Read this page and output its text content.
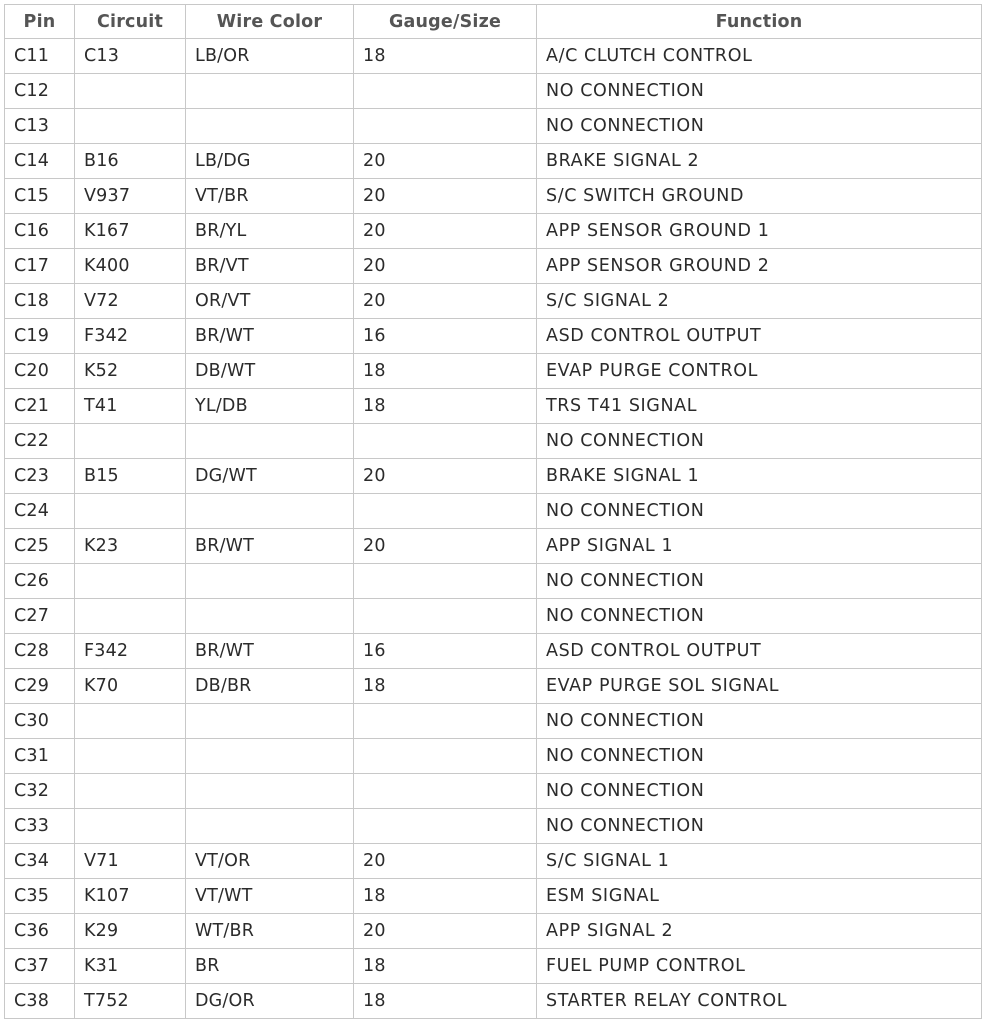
Pin	Circuit	Wire Color	Gauge/Size	Function
C11	C13	LB/OR	18	A/C CLUTCH CONTROL
C12				NO CONNECTION
C13				NO CONNECTION
C14	B16	LB/DG	20	BRAKE SIGNAL 2
C15	V937	VT/BR	20	S/C SWITCH GROUND
C16	K167	BR/YL	20	APP SENSOR GROUND 1
C17	K400	BR/VT	20	APP SENSOR GROUND 2
C18	V72	OR/VT	20	S/C SIGNAL 2
C19	F342	BR/WT	16	ASD CONTROL OUTPUT
C20	K52	DB/WT	18	EVAP PURGE CONTROL
C21	T41	YL/DB	18	TRS T41 SIGNAL
C22				NO CONNECTION
C23	B15	DG/WT	20	BRAKE SIGNAL 1
C24				NO CONNECTION
C25	K23	BR/WT	20	APP SIGNAL 1
C26				NO CONNECTION
C27				NO CONNECTION
C28	F342	BR/WT	16	ASD CONTROL OUTPUT
C29	K70	DB/BR	18	EVAP PURGE SOL SIGNAL
C30				NO CONNECTION
C31				NO CONNECTION
C32				NO CONNECTION
C33				NO CONNECTION
C34	V71	VT/OR	20	S/C SIGNAL 1
C35	K107	VT/WT	18	ESM SIGNAL
C36	K29	WT/BR	20	APP SIGNAL 2
C37	K31	BR	18	FUEL PUMP CONTROL
C38	T752	DG/OR	18	STARTER RELAY CONTROL
